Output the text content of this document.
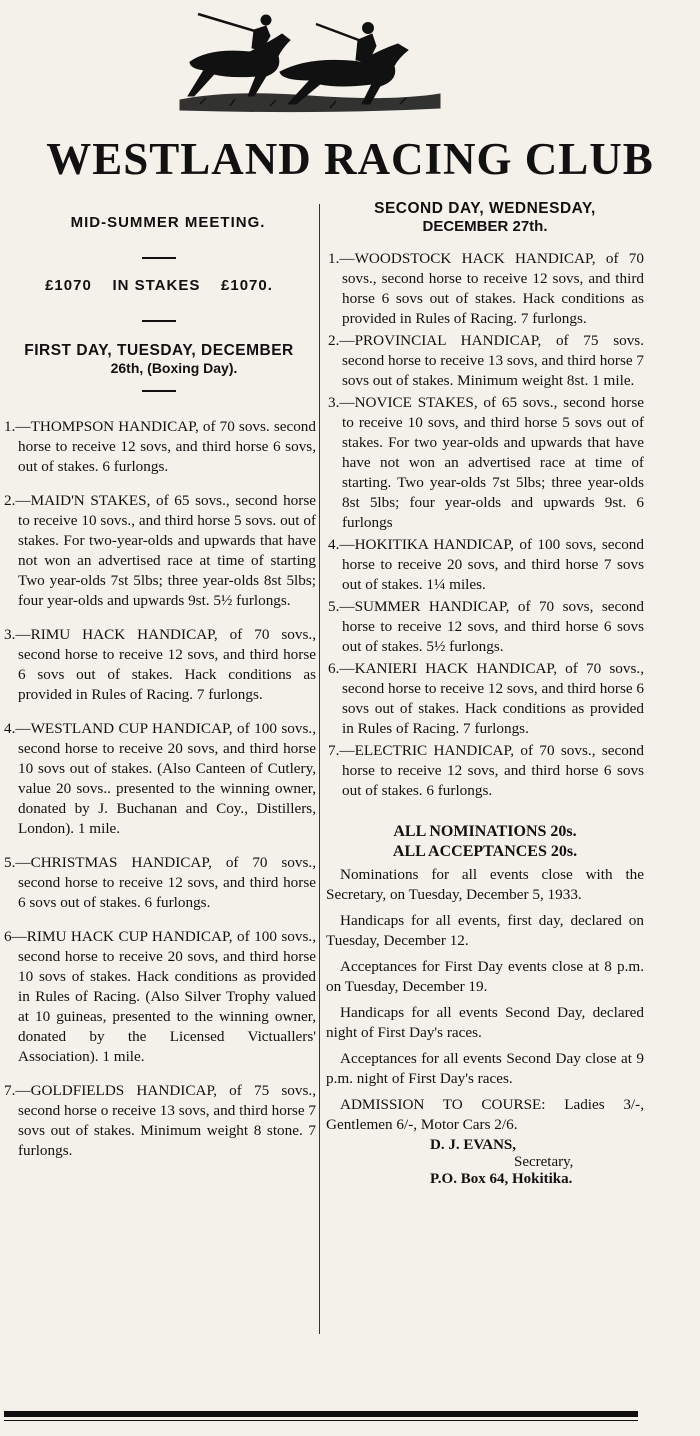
WESTLAND RACING CLUB
MID-SUMMER MEETING.
£1070    IN STAKES    £1070.
FIRST DAY, TUESDAY, DECEMBER
26th, (Boxing Day).
1.—THOMPSON HANDICAP, of 70 sovs. second horse to receive 12 sovs, and third horse 6 sovs, out of stakes. 6 furlongs.
2.—MAID'N STAKES, of 65 sovs., second horse to receive 10 sovs., and third horse 5 sovs. out of stakes. For two-year-olds and upwards that have not won an advertised race at time of starting Two year-olds 7st 5lbs; three year-olds 8st 5lbs; four year-olds and upwards 9st. 5½ furlongs.
3.—RIMU HACK HANDICAP, of 70 sovs., second horse to receive 12 sovs, and third horse 6 sovs out of stakes. Hack conditions as provided in Rules of Racing. 7 furlongs.
4.—WESTLAND CUP HANDICAP, of 100 sovs., second horse to receive 20 sovs, and third horse 10 sovs out of stakes. (Also Canteen of Cutlery, value 20 sovs.. presented to the winning owner, donated by J. Buchanan and Coy., Distillers, London). 1 mile.
5.—CHRISTMAS HANDICAP, of 70 sovs., second horse to receive 12 sovs, and third horse 6 sovs out of stakes. 6 furlongs.
6—RIMU HACK CUP HANDICAP, of 100 sovs., second horse to receive 20 sovs, and third horse 10 sovs of stakes. Hack conditions as provided in Rules of Racing. (Also Silver Trophy valued at 10 guineas, presented to the winning owner, donated by the Licensed Victuallers' Association). 1 mile.
7.—GOLDFIELDS HANDICAP, of 75 sovs., second horse o receive 13 sovs, and third horse 7 sovs out of stakes. Minimum weight 8 stone. 7 furlongs.
SECOND DAY, WEDNESDAY,
DECEMBER 27th.
1.—WOODSTOCK HACK HANDICAP, of 70 sovs., second horse to receive 12 sovs, and third horse 6 sovs out of stakes. Hack conditions as provided in Rules of Racing. 7 furlongs.
2.—PROVINCIAL HANDICAP, of 75 sovs. second horse to receive 13 sovs, and third horse 7 sovs out of stakes. Minimum weight 8st. 1 mile.
3.—NOVICE STAKES, of 65 sovs., second horse to receive 10 sovs, and third horse 5 sovs out of stakes. For two year-olds and upwards that have have not won an advertised race at time of starting. Two year-olds 7st 5lbs; three year-olds 8st 5lbs; four year-olds and upwards 9st. 6 furlongs
4.—HOKITIKA HANDICAP, of 100 sovs, second horse to receive 20 sovs, and third horse 7 sovs out of stakes. 1¼ miles.
5.—SUMMER HANDICAP, of 70 sovs, second horse to receive 12 sovs, and third horse 6 sovs out of stakes. 5½ furlongs.
6.—KANIERI HACK HANDICAP, of 70 sovs., second horse to receive 12 sovs, and third horse 6 sovs out of stakes. Hack conditions as provided in Rules of Racing. 7 furlongs.
7.—ELECTRIC HANDICAP, of 70 sovs., second horse to receive 12 sovs, and third horse 6 sovs out of stakes. 6 furlongs.
ALL NOMINATIONS 20s.
ALL ACCEPTANCES 20s.
Nominations for all events close with the Secretary, on Tuesday, December 5, 1933.
Handicaps for all events, first day, declared on Tuesday, December 12.
Acceptances for First Day events close at 8 p.m. on Tuesday, December 19.
Handicaps for all events Second Day, declared night of First Day's races.
Acceptances for all events Second Day close at 9 p.m. night of First Day's races.
ADMISSION TO COURSE: Ladies 3/-, Gentlemen 6/-, Motor Cars 2/6.
D. J. EVANS,
Secretary,
P.O. Box 64, Hokitika.
